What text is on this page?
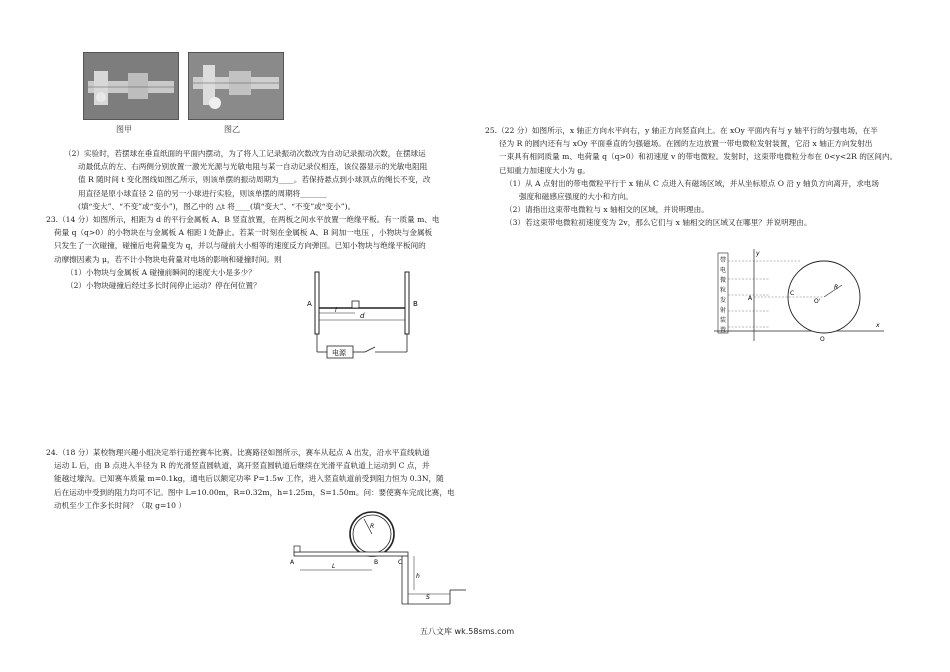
图甲	图乙
（2）实验时，若摆球在垂直纸面的平面内摆动，为了将人工记录振动次数改为自动记录振动次数，在摆球运
动最低点的左、右两侧分别放置一激光光源与光敏电阻与某一自动记录仪相连，该仪器显示的光敏电阻阻
值 R 随时间 t 变化图线如图乙所示，则该单摆的振动周期为____。若保持悬点到小球顶点的绳长不变，改
用直径是原小球直径 2 倍的另一小球进行实验，则该单摆的周期将_______
(填“变大”、“不变”或“变小”)，图乙中的 △t 将____(填“变大”、“不变”或“变小”)。
23.（14 分）如图所示，相距为 d 的平行金属板 A、B 竖直放置，在两板之间水平放置一绝缘平板。有一质量 m、电
荷量 q（q>0）的小物块在与金属板 A 相距 l 处静止。若某一时刻在金属板 A、B 间加一电压 ，小物块与金属板
只发生了一次碰撞，碰撞后电荷量变为 q，并以与碰前大小相等的速度反方向弹回。已知小物块与绝缘平板间的
动摩擦因素为 μ，若不计小物块电荷量对电场的影响和碰撞时间。则
（1）小物块与金属板 A 碰撞前瞬间的速度大小是多少？
（2）小物块碰撞后经过多长时间停止运动？停在何位置？
A	B
l
d
电源
24.（18 分）某校物理兴趣小组决定举行遥控赛车比赛。比赛路径如图所示，赛车从起点 A 出发，沿水平直线轨道
运动 L 后，由 B 点进入半径为 R 的光滑竖直圆轨道，离开竖直圆轨道后继续在光滑平直轨道上运动到 C 点，并
能越过壕沟。已知赛车质量 m=0.1kg，通电后以额定功率 P=1.5w 工作，进入竖直轨道前受到阻力恒为 0.3N，随
后在运动中受到的阻力均可不记。图中 L=10.00m，R=0.32m，h=1.25m，S=1.50m。问：要使赛车完成比赛，电
动机至少工作多长时间？（取 g=10 ）
A	B	C
L
h
S
R
25.（22 分）如图所示，x 轴正方向水平向右，y 轴正方向竖直向上。在 xOy 平面内有与 y 轴平行的匀强电场，在半
径为 R 的圆内还有与 xOy 平面垂直的匀强磁场。在圆的左边放置一带电微粒发射装置，它沿 x 轴正方向发射出
一束具有相同质量 m、电荷量 q（q>0）和初速度 v 的带电微粒。发射时，这束带电微粒分布在 0<y<2R 的区间内。
已知重力加速度大小为 g。
（1）从 A 点射出的带电微粒平行于 x 轴从 C 点进入有磁场区域，并从坐标原点 O 沿 y 轴负方向离开，求电场
强度和磁感应强度的大小和方向。
（2）请指出这束带电微粒与 x 轴相交的区域，并说明理由。
（3）若这束带电微粒初速度变为 2v，那么它们与 x 轴相交的区域又在哪里？并说明理由。
带
电
微
粒
发
射
装
置
y
A
C
O'
R
O
x
五八文库 wk.58sms.com
